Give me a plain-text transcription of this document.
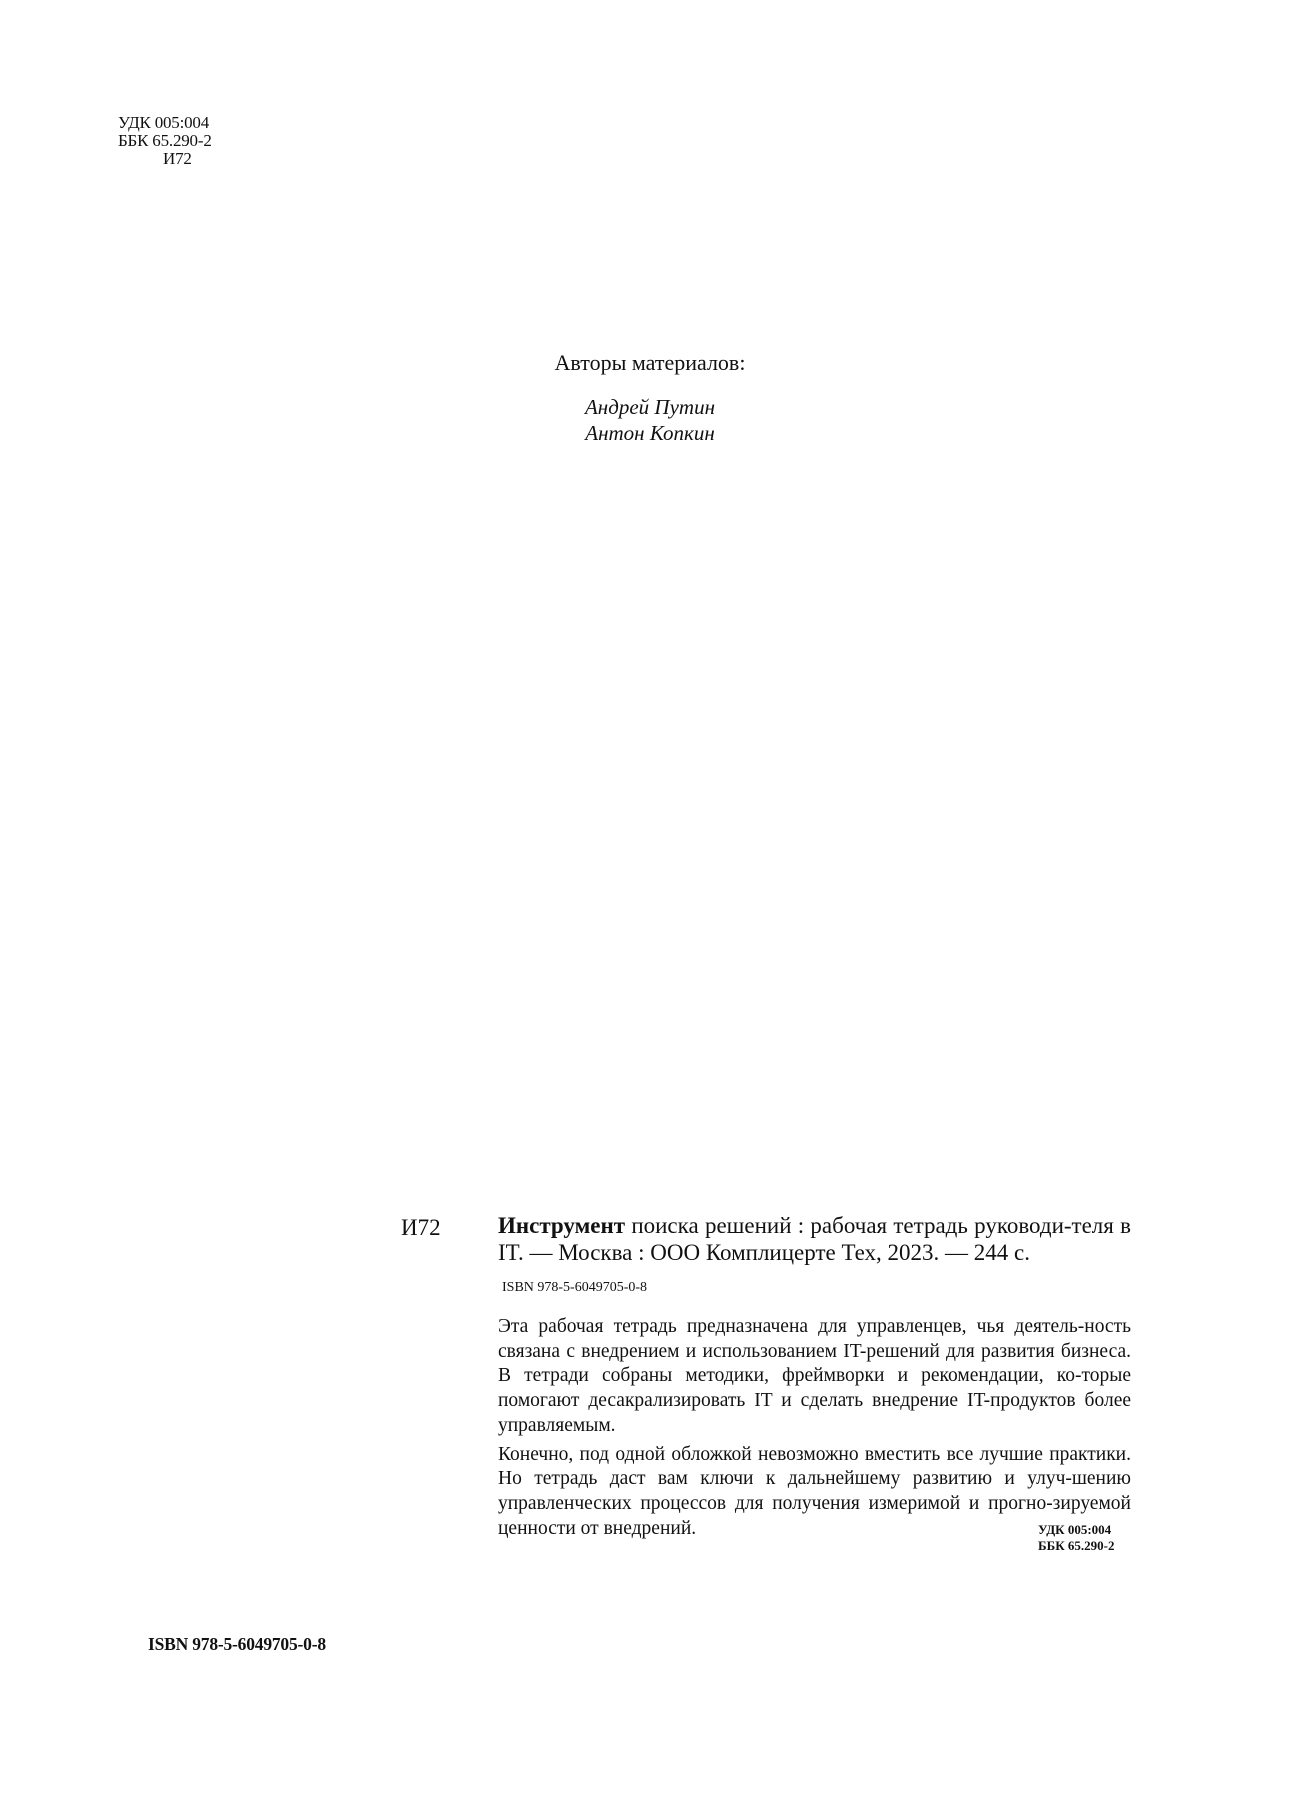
УДК 005:004
ББК 65.290-2
И72
Авторы материалов:
Андрей Путин
Антон Копкин
И72 Инструмент поиска решений : рабочая тетрадь руководи-теля в IT. — Москва : ООО Комплицерте Тех, 2023. — 244 с.

ISBN 978-5-6049705-0-8

Эта рабочая тетрадь предназначена для управленцев, чья деятель-ность связана с внедрением и использованием IT-решений для развития бизнеса. В тетради собраны методики, фреймворки и рекомендации, ко-торые помогают десакрализировать IT и сделать внедрение IT-продуктов более управляемым.

Конечно, под одной обложкой невозможно вместить все лучшие практики. Но тетрадь даст вам ключи к дальнейшему развитию и улуч-шению управленческих процессов для получения измеримой и прогно-зируемой ценности от внедрений.	УДК 005:004
ББК 65.290-2
ISBN 978-5-6049705-0-8
